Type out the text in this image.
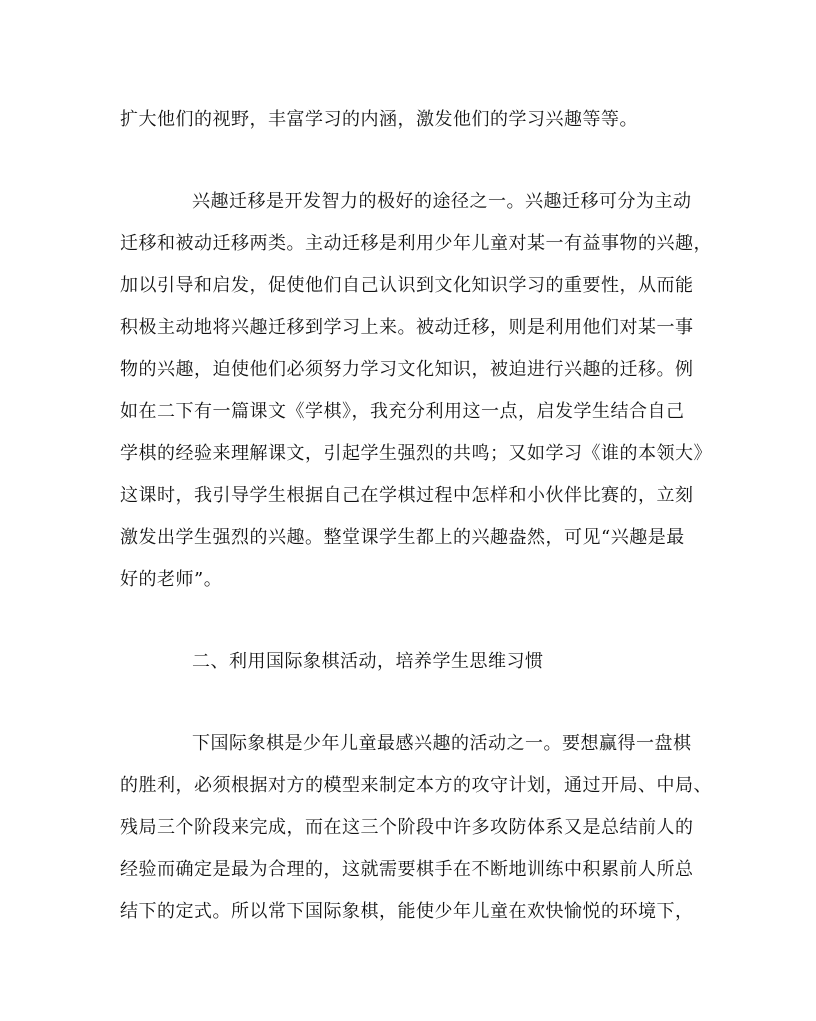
扩大他们的视野，丰富学习的内涵，激发他们的学习兴趣等等。
兴趣迁移是开发智力的极好的途径之一。兴趣迁移可分为主动
迁移和被动迁移两类。主动迁移是利用少年儿童对某一有益事物的兴趣，
加以引导和启发，促使他们自己认识到文化知识学习的重要性，从而能
积极主动地将兴趣迁移到学习上来。被动迁移，则是利用他们对某一事
物的兴趣，迫使他们必须努力学习文化知识，被迫进行兴趣的迁移。例
如在二下有一篇课文《学棋》，我充分利用这一点，启发学生结合自己
学棋的经验来理解课文，引起学生强烈的共鸣；又如学习《谁的本领大》
这课时，我引导学生根据自己在学棋过程中怎样和小伙伴比赛的，立刻
激发出学生强烈的兴趣。整堂课学生都上的兴趣盎然，可见“兴趣是最
好的老师”。
二、利用国际象棋活动，培养学生思维习惯
下国际象棋是少年儿童最感兴趣的活动之一。要想赢得一盘棋
的胜利，必须根据对方的模型来制定本方的攻守计划，通过开局、中局、
残局三个阶段来完成，而在这三个阶段中许多攻防体系又是总结前人的
经验而确定是最为合理的，这就需要棋手在不断地训练中积累前人所总
结下的定式。所以常下国际象棋，能使少年儿童在欢快愉悦的环境下，
